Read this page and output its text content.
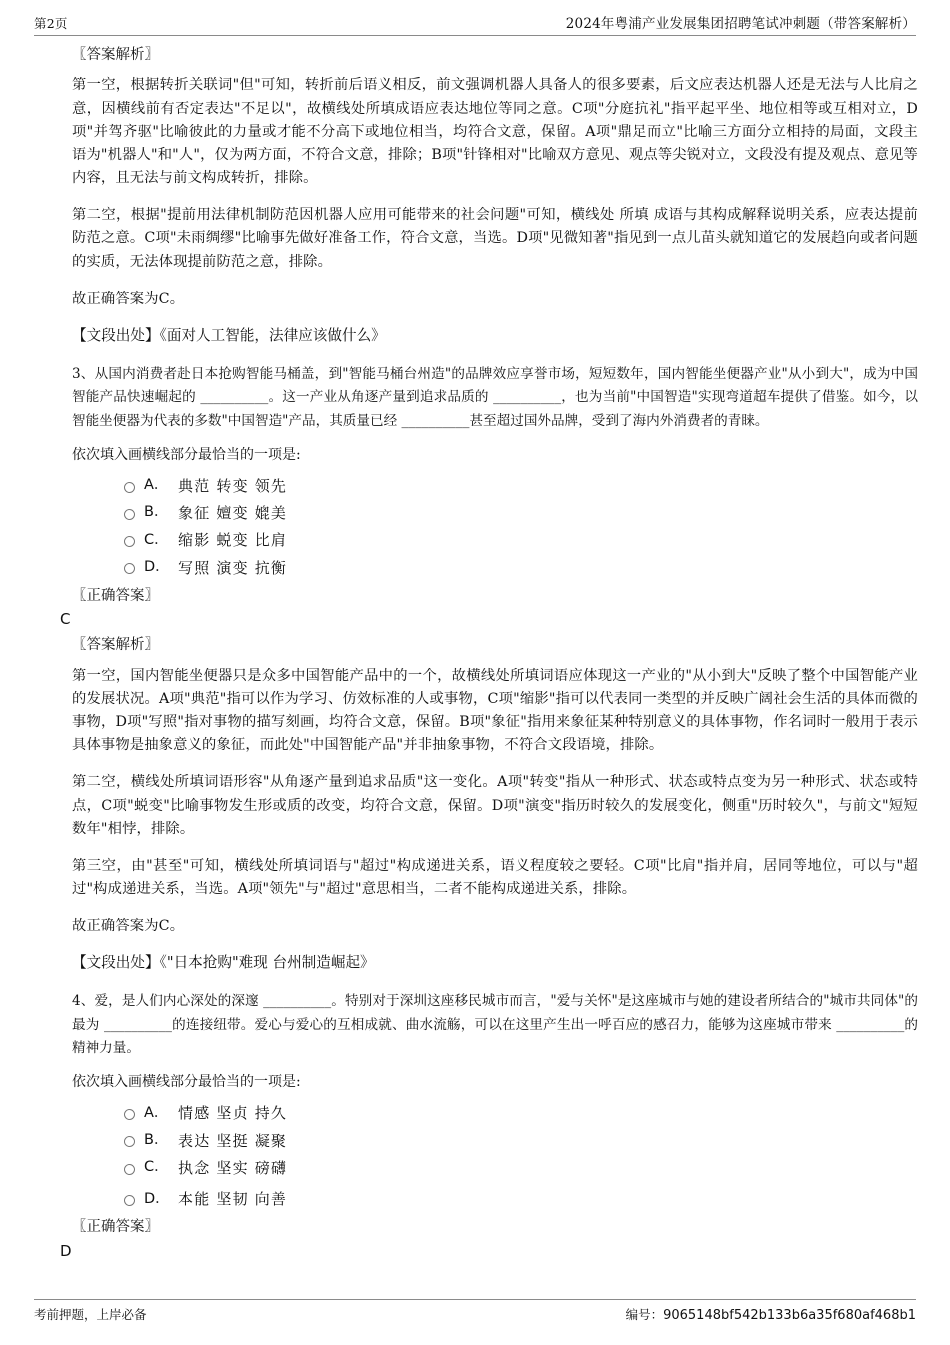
第2页	2024年粤浦产业发展集团招聘笔试冲刺题（带答案解析）
〖答案解析〗

第一空，根据转折关联词"但"可知，转折前后语义相反，前文强调机器人具备人的很多要素，后文应表达机器人还是无法与人比肩之意，因横线前有否定表达"不足以"，故横线处所填成语应表达地位等同之意。C项"分庭抗礼"指平起平坐、地位相等或互相对立，D项"并驾齐驱"比喻彼此的力量或才能不分高下或地位相当，均符合文意，保留。A项"鼎足而立"比喻三方面分立相持的局面，文段主语为"机器人"和"人"，仅为两方面，不符合文意，排除；B项"针锋相对"比喻双方意见、观点等尖锐对立，文段没有提及观点、意见等内容，且无法与前文构成转折，排除。

第二空，根据"提前用法律机制防范因机器人应用可能带来的社会问题"可知，横线处 所填 成语与其构成解释说明关系，应表达提前防范之意。C项"未雨绸缪"比喻事先做好准备工作，符合文意，当选。D项"见微知著"指见到一点儿苗头就知道它的发展趋向或者问题的实质，无法体现提前防范之意，排除。

故正确答案为C。

【文段出处】《面对人工智能，法律应该做什么》

3、从国内消费者赴日本抢购智能马桶盖，到"智能马桶台州造"的品牌效应享誉市场，短短数年，国内智能坐便器产业"从小到大"，成为中国智能产品快速崛起的 __________。这一产业从角逐产量到追求品质的 __________，也为当前"中国智造"实现弯道超车提供了借鉴。如今，以智能坐便器为代表的多数"中国智造"产品，其质量已经 __________甚至超过国外品牌，受到了海内外消费者的青睐。

依次填入画横线部分最恰当的一项是:

A． 典范 转变 领先
B． 象征 嬗变 媲美
C． 缩影 蜕变 比肩
D． 写照 演变 抗衡
〖正确答案〗
C
〖答案解析〗

第一空，国内智能坐便器只是众多中国智能产品中的一个，故横线处所填词语应体现这一产业的"从小到大"反映了整个中国智能产业的发展状况。A项"典范"指可以作为学习、仿效标准的人或事物，C项"缩影"指可以代表同一类型的并反映广阔社会生活的具体而微的事物，D项"写照"指对事物的描写刻画，均符合文意，保留。B项"象征"指用来象征某种特别意义的具体事物，作名词时一般用于表示具体事物是抽象意义的象征，而此处"中国智能产品"并非抽象事物，不符合文段语境，排除。

第二空，横线处所填词语形容"从角逐产量到追求品质"这一变化。A项"转变"指从一种形式、状态或特点变为另一种形式、状态或特点，C项"蜕变"比喻事物发生形或质的改变，均符合文意，保留。D项"演变"指历时较久的发展变化，侧重"历时较久"，与前文"短短数年"相悖，排除。

第三空，由"甚至"可知，横线处所填词语与"超过"构成递进关系，语义程度较之要轻。C项"比肩"指并肩，居同等地位，可以与"超过"构成递进关系，当选。A项"领先"与"超过"意思相当，二者不能构成递进关系，排除。

故正确答案为C。

【文段出处】《"日本抢购"难现 台州制造崛起》

4、爱，是人们内心深处的深邃 __________。特别对于深圳这座移民城市而言，"爱与关怀"是这座城市与她的建设者所结合的"城市共同体"的最为 __________的连接纽带。爱心与爱心的互相成就、曲水流觞，可以在这里产生出一呼百应的感召力，能够为这座城市带来 __________的精神力量。

依次填入画横线部分最恰当的一项是:

A． 情感 坚贞 持久
B． 表达 坚挺 凝聚
C． 执念 坚实 磅礴
D． 本能 坚韧 向善
〖正确答案〗
D
考前押题，上岸必备	编号：9065148bf542b133b6a35f680af468b1
